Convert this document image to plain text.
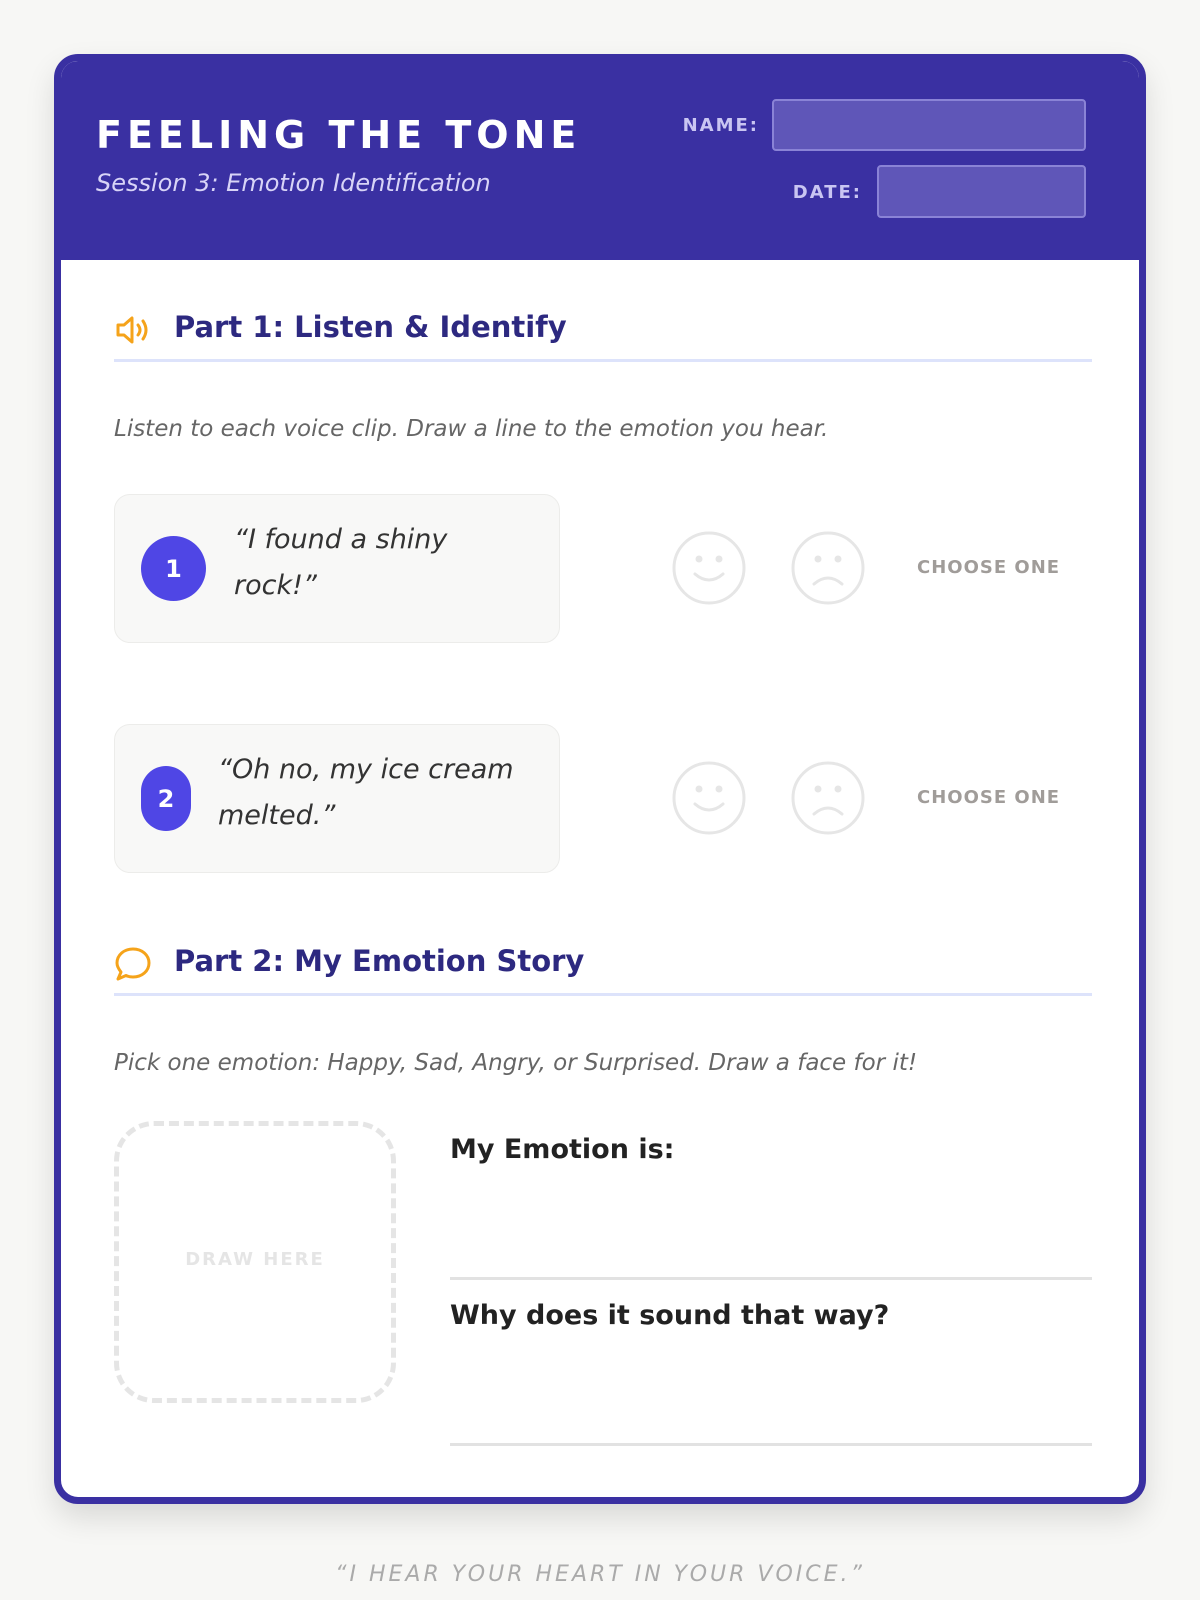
FEELING THE TONE
Session 3: Emotion Identification
NAME:
DATE:
Part 1: Listen & Identify
Listen to each voice clip. Draw a line to the emotion you hear.
1
“I found a shiny rock!”
CHOOSE ONE
2
“Oh no, my ice cream melted.”
CHOOSE ONE
Part 2: My Emotion Story
Pick one emotion: Happy, Sad, Angry, or Surprised. Draw a face for it!
DRAW HERE
My Emotion is:
Why does it sound that way?
“I HEAR YOUR HEART IN YOUR VOICE.”
